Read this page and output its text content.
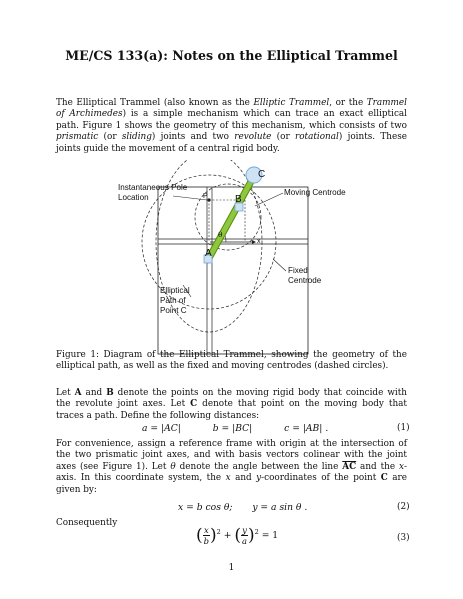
ME/CS 133(a): Notes on the Elliptical Trammel
The Elliptical Trammel (also known as the Elliptic Trammel, or the Trammel of Archimedes) is a simple mechanism which can trace an exact elliptical path. Figure 1 shows the geometry of this mechanism, which consists of two prismatic (or sliding) joints and two revolute (or rotational) joints. These joints guide the movement of a central rigid body.
Instantaneous Pole
Location	P	B
C
A
θ
x
Moving Centrode
Fixed
Centrode
Elliptical
Path of
Point C
Figure 1: Diagram of the Elliptical Trammel, showing the geometry of the elliptical path, as well as the fixed and moving centrodes (dashed circles).
Let A and B denote the points on the moving rigid body that coincide with the revolute joint axes. Let C denote that point on the moving body that traces a path. Define the following distances:
a = |AC|	b = |BC|	c = |AB| .	(1)
For convenience, assign a reference frame with origin at the intersection of the two prismatic joint axes, and with basis vectors colinear with the joint axes (see Figure 1). Let θ denote the angle between the line $\overline{AC}$ and the x-axis. In this coordinate system, the x and y-coordinates of the point C are given by:
x = b cos θ; y = a sin θ .	(2)
Consequently
( $\frac{x}{b} )^2$ + ( $\frac{y}{a} )^2 = 1$	(3)
1
